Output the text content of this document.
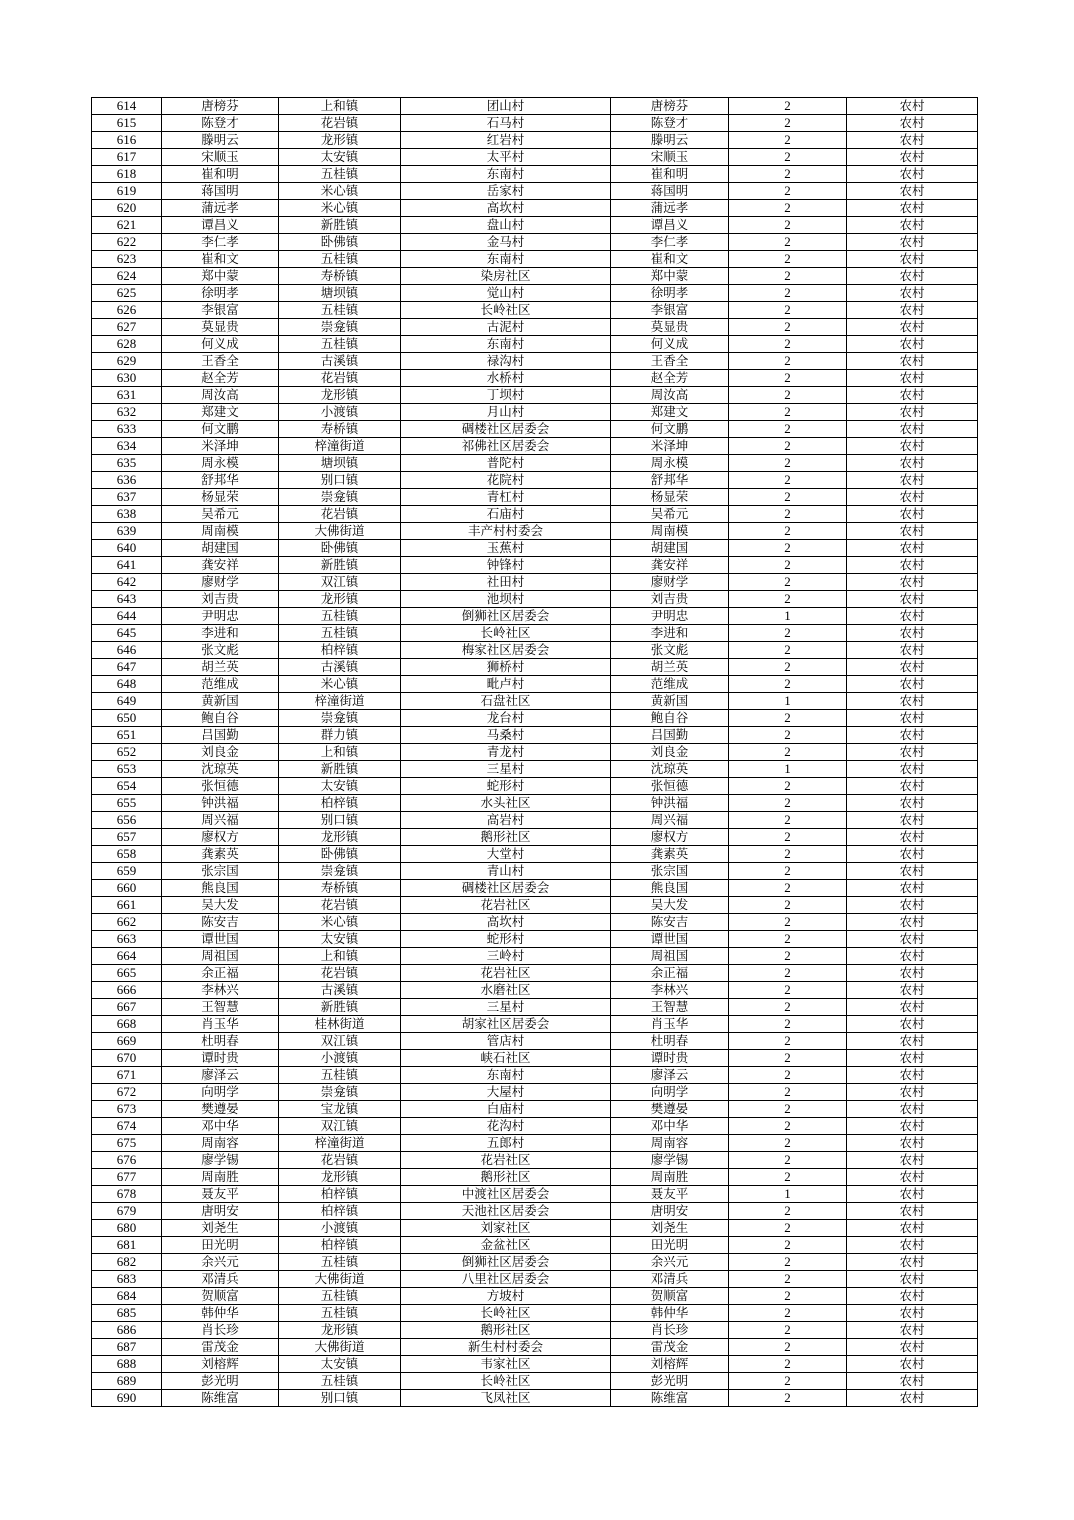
614	唐榜芬	上和镇	团山村	唐榜芬	2	农村
615	陈登才	花岩镇	石马村	陈登才	2	农村
616	滕明云	龙形镇	红岩村	滕明云	2	农村
617	宋顺玉	太安镇	太平村	宋顺玉	2	农村
618	崔和明	五桂镇	东南村	崔和明	2	农村
619	蒋国明	米心镇	岳家村	蒋国明	2	农村
620	蒲远孝	米心镇	高坎村	蒲远孝	2	农村
621	谭昌义	新胜镇	盘山村	谭昌义	2	农村
622	李仁孝	卧佛镇	金马村	李仁孝	2	农村
623	崔和文	五桂镇	东南村	崔和文	2	农村
624	郑中蒙	寿桥镇	染房社区	郑中蒙	2	农村
625	徐明孝	塘坝镇	觉山村	徐明孝	2	农村
626	李银富	五桂镇	长岭社区	李银富	2	农村
627	莫显贵	崇龛镇	古泥村	莫显贵	2	农村
628	何义成	五桂镇	东南村	何义成	2	农村
629	王香全	古溪镇	禄沟村	王香全	2	农村
630	赵全芳	花岩镇	水桥村	赵全芳	2	农村
631	周汝高	龙形镇	丁坝村	周汝高	2	农村
632	郑建文	小渡镇	月山村	郑建文	2	农村
633	何文鹏	寿桥镇	碉楼社区居委会	何文鹏	2	农村
634	米泽坤	梓潼街道	祁佛社区居委会	米泽坤	2	农村
635	周永模	塘坝镇	普陀村	周永模	2	农村
636	舒邦华	别口镇	花院村	舒邦华	2	农村
637	杨显荣	崇龛镇	青杠村	杨显荣	2	农村
638	吴希元	花岩镇	石庙村	吴希元	2	农村
639	周南模	大佛街道	丰产村村委会	周南模	2	农村
640	胡建国	卧佛镇	玉蕉村	胡建国	2	农村
641	龚安祥	新胜镇	钟锋村	龚安祥	2	农村
642	廖财学	双江镇	社田村	廖财学	2	农村
643	刘吉贵	龙形镇	池坝村	刘吉贵	2	农村
644	尹明忠	五桂镇	倒狮社区居委会	尹明忠	1	农村
645	李进和	五桂镇	长岭社区	李进和	2	农村
646	张文彪	柏梓镇	梅家社区居委会	张文彪	2	农村
647	胡兰英	古溪镇	狮桥村	胡兰英	2	农村
648	范维成	米心镇	毗卢村	范维成	2	农村
649	黄新国	梓潼街道	石盘社区	黄新国	1	农村
650	鲍自谷	崇龛镇	龙台村	鲍自谷	2	农村
651	吕国勤	群力镇	马桑村	吕国勤	2	农村
652	刘良金	上和镇	青龙村	刘良金	2	农村
653	沈琼英	新胜镇	三星村	沈琼英	1	农村
654	张恒德	太安镇	蛇形村	张恒德	2	农村
655	钟洪福	柏梓镇	水头社区	钟洪福	2	农村
656	周兴福	别口镇	高岩村	周兴福	2	农村
657	廖权方	龙形镇	鹅形社区	廖权方	2	农村
658	龚素英	卧佛镇	大堂村	龚素英	2	农村
659	张宗国	崇龛镇	青山村	张宗国	2	农村
660	熊良国	寿桥镇	碉楼社区居委会	熊良国	2	农村
661	吴大发	花岩镇	花岩社区	吴大发	2	农村
662	陈安吉	米心镇	高坎村	陈安吉	2	农村
663	谭世国	太安镇	蛇形村	谭世国	2	农村
664	周祖国	上和镇	三岭村	周祖国	2	农村
665	余正福	花岩镇	花岩社区	余正福	2	农村
666	李林兴	古溪镇	水磨社区	李林兴	2	农村
667	王智慧	新胜镇	三星村	王智慧	2	农村
668	肖玉华	桂林街道	胡家社区居委会	肖玉华	2	农村
669	杜明春	双江镇	管店村	杜明春	2	农村
670	谭时贵	小渡镇	峡石社区	谭时贵	2	农村
671	廖泽云	五桂镇	东南村	廖泽云	2	农村
672	向明学	崇龛镇	大屋村	向明学	2	农村
673	樊遵晏	宝龙镇	白庙村	樊遵晏	2	农村
674	邓中华	双江镇	花沟村	邓中华	2	农村
675	周南容	梓潼街道	五郎村	周南容	2	农村
676	廖学锡	花岩镇	花岩社区	廖学锡	2	农村
677	周南胜	龙形镇	鹅形社区	周南胜	2	农村
678	聂友平	柏梓镇	中渡社区居委会	聂友平	1	农村
679	唐明安	柏梓镇	天池社区居委会	唐明安	2	农村
680	刘尧生	小渡镇	刘家社区	刘尧生	2	农村
681	田光明	柏梓镇	金盆社区	田光明	2	农村
682	余兴元	五桂镇	倒狮社区居委会	余兴元	2	农村
683	邓清兵	大佛街道	八里社区居委会	邓清兵	2	农村
684	贺顺富	五桂镇	方坡村	贺顺富	2	农村
685	韩仲华	五桂镇	长岭社区	韩仲华	2	农村
686	肖长珍	龙形镇	鹅形社区	肖长珍	2	农村
687	雷茂金	大佛街道	新生村村委会	雷茂金	2	农村
688	刘榕辉	太安镇	韦家社区	刘榕辉	2	农村
689	彭光明	五桂镇	长岭社区	彭光明	2	农村
690	陈维富	别口镇	飞凤社区	陈维富	2	农村
